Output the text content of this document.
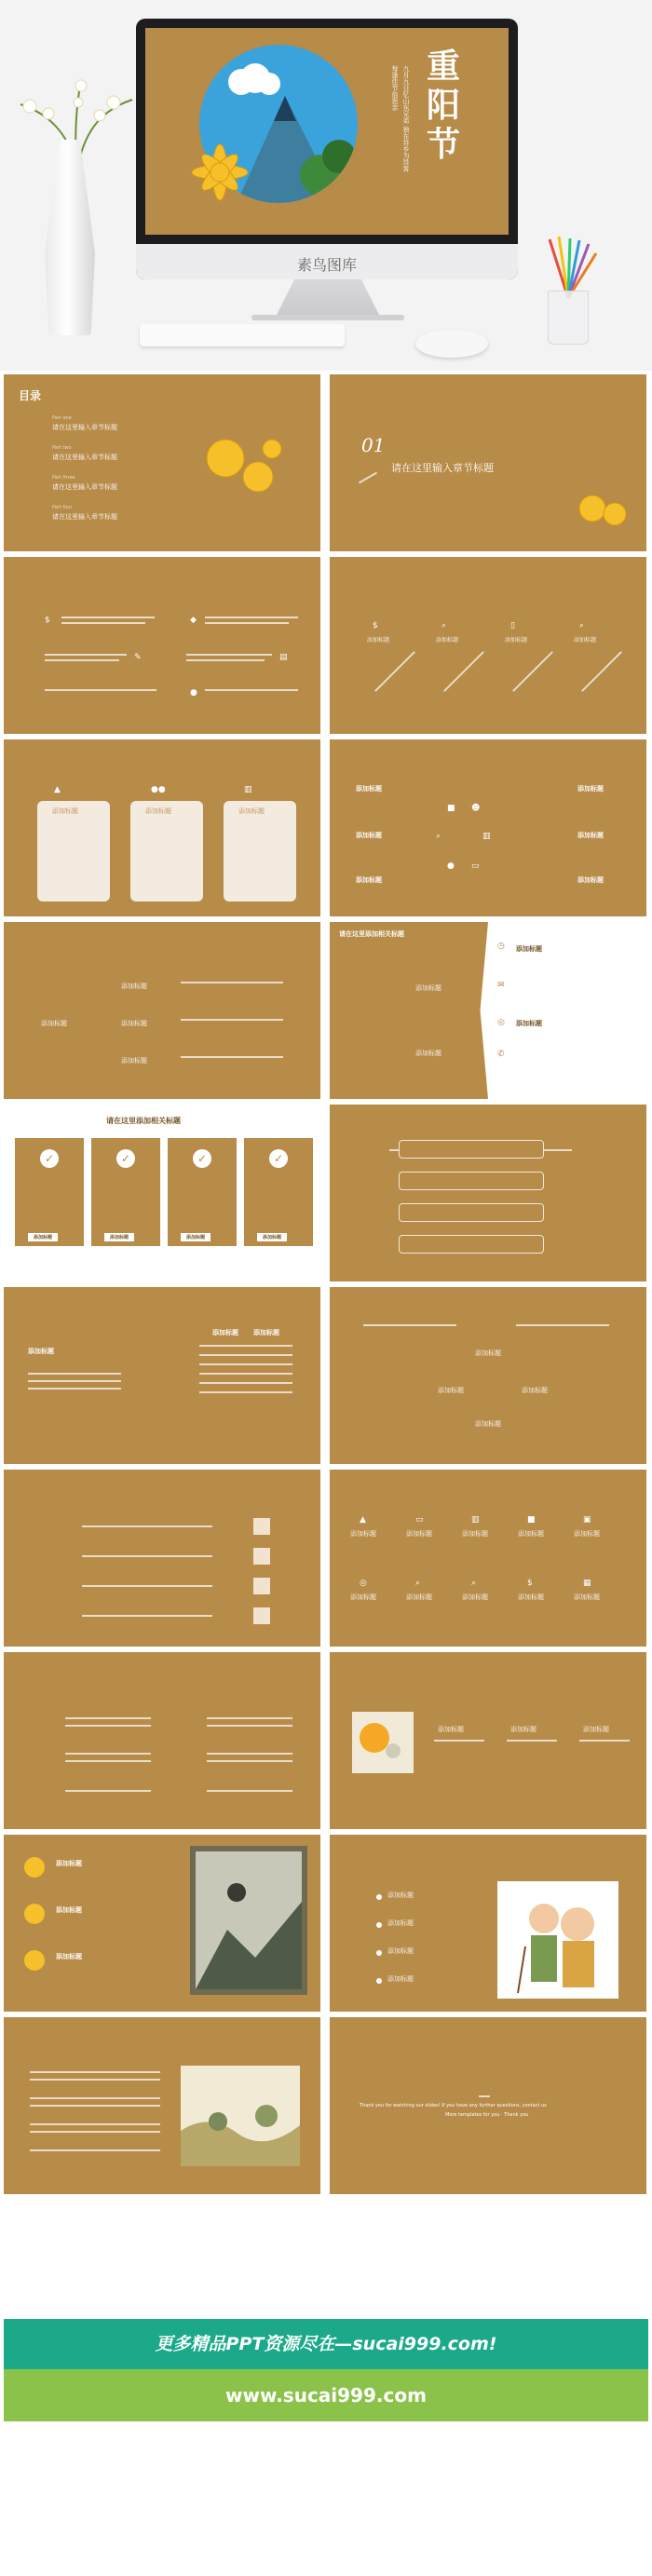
九月九日忆山东兄弟 独在异乡为异客 每逢佳节倍思亲 重阳节
素鸟图库
目录
Part one
请在这里输入章节标题
Part two
请在这里输入章节标题
Part three
请在这里输入章节标题
Part four
请在这里输入章节标题
01
请在这里输入章节标题
$	◆
✎	▤
●
$	⌕	▯	⌕
添加标题	添加标题	添加标题	添加标题
▲	●●	▥
添加标题	添加标题	添加标题
添加标题	添加标题
添加标题	添加标题
添加标题	添加标题
■ ☻
⌕	▥
● ▭
添加标题
添加标题
添加标题
添加标题
请在这里添加相关标题
添加标题
添加标题
◷
✉
◎
✆
添加标题
添加标题
请在这里添加相关标题
✓	✓	✓	✓
添加标题	添加标题	添加标题	添加标题
添加标题
添加标题 添加标题
添加标题
添加标题	添加标题
添加标题
▲	▭	▥	■	▣
添加标题	添加标题	添加标题	添加标题	添加标题
◎	⌕	⌕	$	▦
添加标题	添加标题	添加标题	添加标题	添加标题
添加标题	添加标题	添加标题
添加标题
添加标题
添加标题
添加标题
添加标题
添加标题
添加标题
Thank you for watching our slides! If you have any further questions, contact us
More templates for you · Thank you
更多精品PPT资源尽在—sucai999.com!
www.sucai999.com
